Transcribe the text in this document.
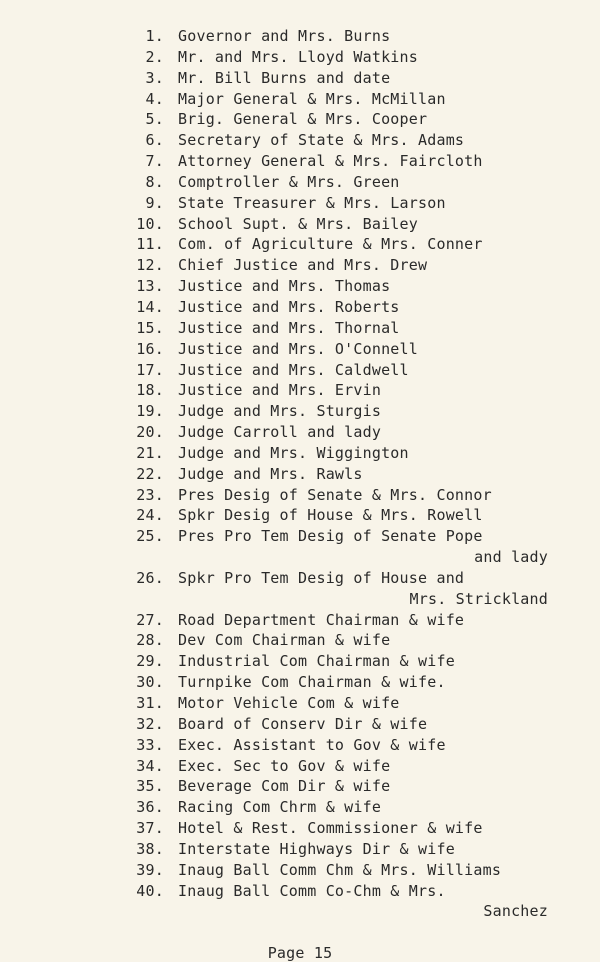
1. Governor and Mrs. Burns
2. Mr. and Mrs. Lloyd Watkins
3. Mr. Bill Burns and date
4. Major General & Mrs. McMillan
5. Brig. General & Mrs. Cooper
6. Secretary of State & Mrs. Adams
7. Attorney General & Mrs. Faircloth
8. Comptroller & Mrs. Green
9. State Treasurer & Mrs. Larson
10. School Supt. & Mrs. Bailey
11. Com. of Agriculture & Mrs. Conner
12. Chief Justice and Mrs. Drew
13. Justice and Mrs. Thomas
14. Justice and Mrs. Roberts
15. Justice and Mrs. Thornal
16. Justice and Mrs. O'Connell
17. Justice and Mrs. Caldwell
18. Justice and Mrs. Ervin
19. Judge and Mrs. Sturgis
20. Judge Carroll and lady
21. Judge and Mrs. Wiggington
22. Judge and Mrs. Rawls
23. Pres Desig of Senate & Mrs. Connor
24. Spkr Desig of House & Mrs. Rowell
25. Pres Pro Tem Desig of Senate Pope
and lady
26. Spkr Pro Tem Desig of House and
Mrs. Strickland
27. Road Department Chairman & wife
28. Dev Com Chairman & wife
29. Industrial Com Chairman & wife
30. Turnpike Com Chairman & wife.
31. Motor Vehicle Com & wife
32. Board of Conserv Dir & wife
33. Exec. Assistant to Gov & wife
34. Exec. Sec to Gov & wife
35. Beverage Com Dir & wife
36. Racing Com Chrm & wife
37. Hotel & Rest. Commissioner & wife
38. Interstate Highways Dir & wife
39. Inaug Ball Comm Chm & Mrs. Williams
40. Inaug Ball Comm Co-Chm & Mrs.
Sanchez
Page 15
